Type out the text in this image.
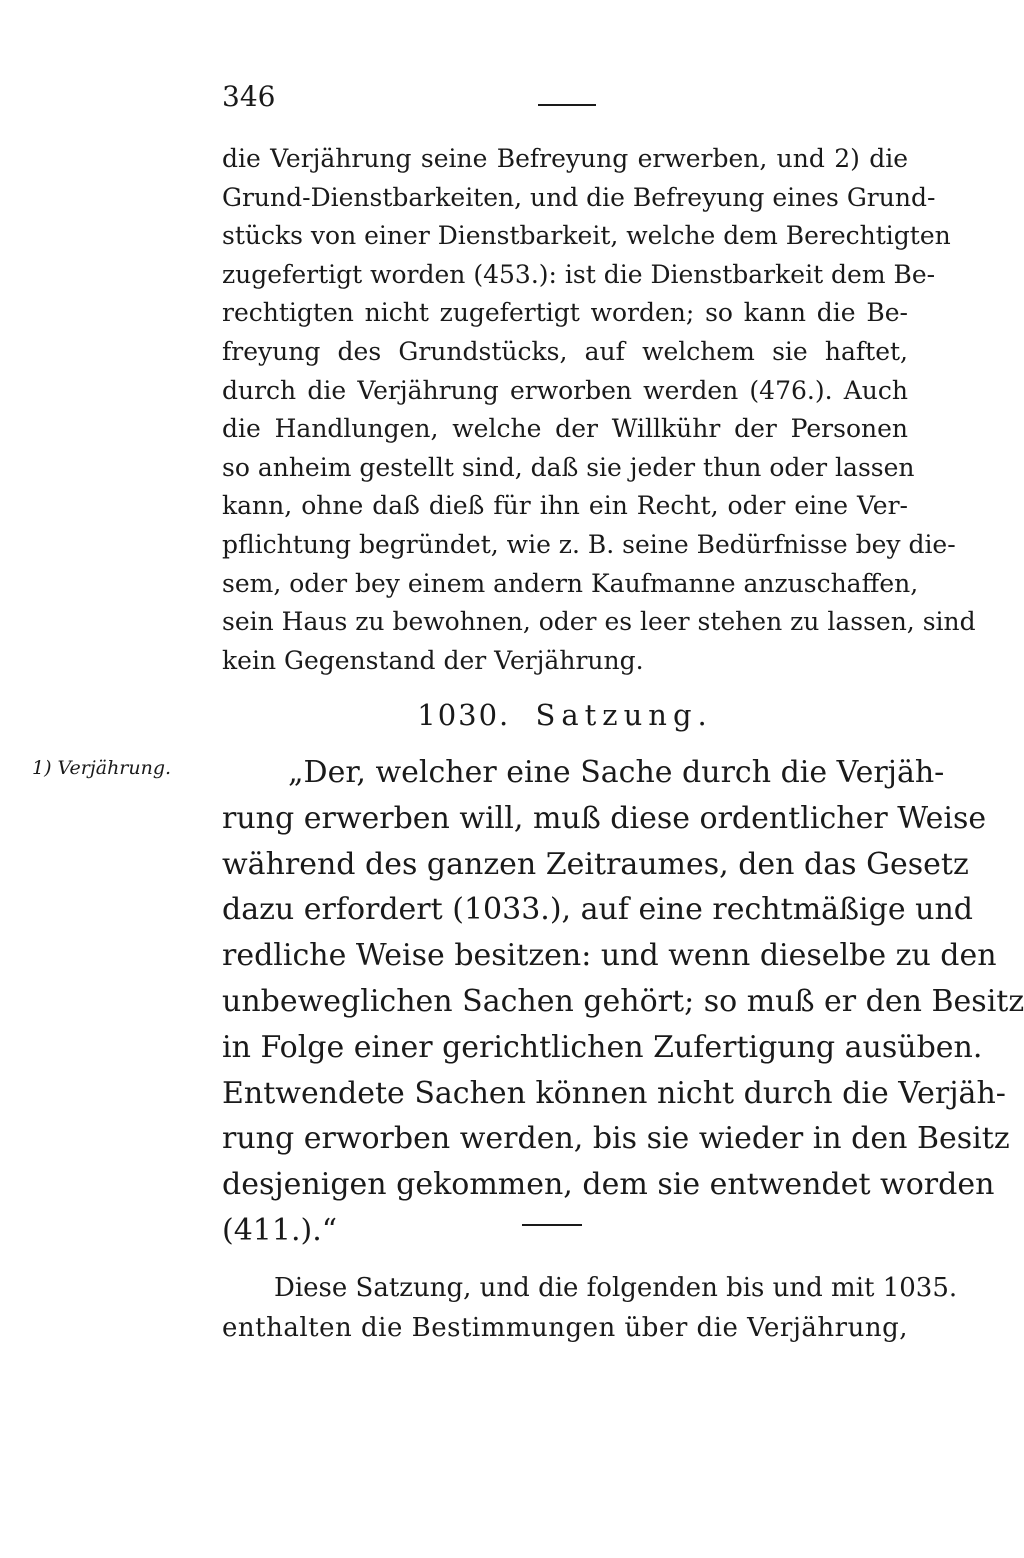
346
die Verjährung seine Befreyung erwerben, und 2) die
Grund-Dienstbarkeiten, und die Befreyung eines Grund-
stücks von einer Dienstbarkeit, welche dem Berechtigten
zugefertigt worden (453.): ist die Dienstbarkeit dem Be-
rechtigten nicht zugefertigt worden; so kann die Be-
freyung des Grundstücks, auf welchem sie haftet,
durch die Verjährung erworben werden (476.). Auch
die Handlungen, welche der Willkühr der Personen
so anheim gestellt sind, daß sie jeder thun oder lassen
kann, ohne daß dieß für ihn ein Recht, oder eine Ver-
pflichtung begründet, wie z. B. seine Bedürfnisse bey die-
sem, oder bey einem andern Kaufmanne anzuschaffen,
sein Haus zu bewohnen, oder es leer stehen zu lassen, sind
kein Gegenstand der Verjährung.
1030. Satzung.
1) Verjährung.	„Der, welcher eine Sache durch die Verjäh-
rung erwerben will, muß diese ordentlicher Weise
während des ganzen Zeitraumes, den das Gesetz
dazu erfordert (1033.), auf eine rechtmäßige und
redliche Weise besitzen: und wenn dieselbe zu den
unbeweglichen Sachen gehört; so muß er den Besitz
in Folge einer gerichtlichen Zufertigung ausüben.
Entwendete Sachen können nicht durch die Verjäh-
rung erworben werden, bis sie wieder in den Besitz
desjenigen gekommen, dem sie entwendet worden
(411.).“
Diese Satzung, und die folgenden bis und mit 1035.
enthalten die Bestimmungen über die Verjährung,
